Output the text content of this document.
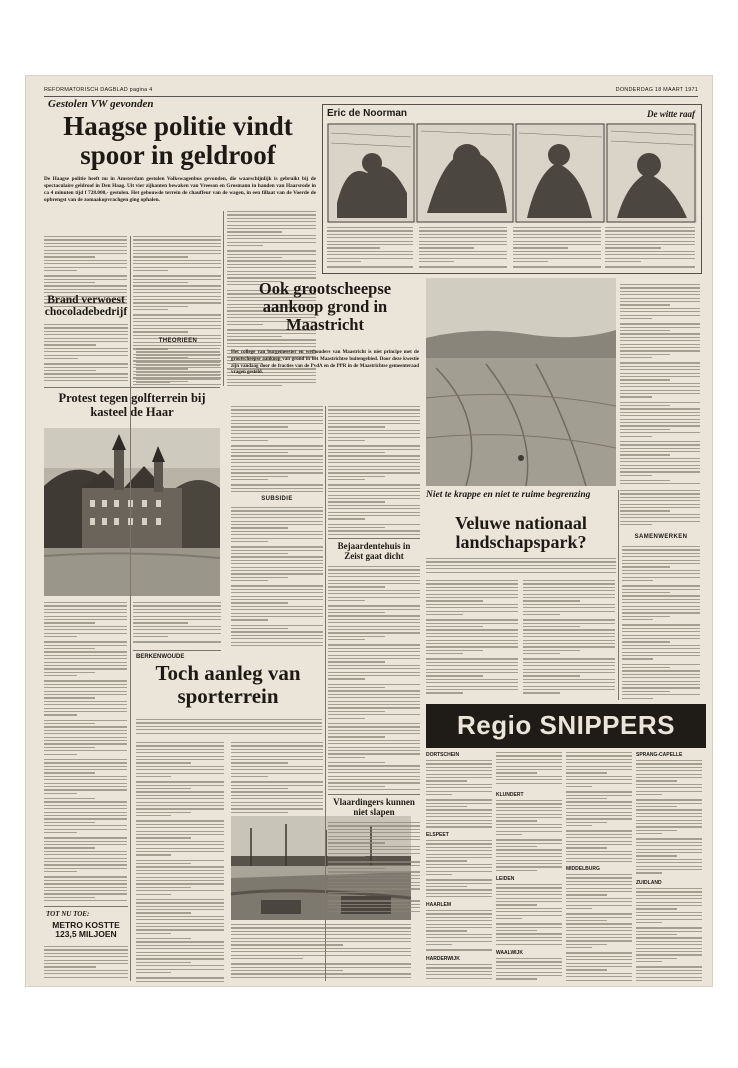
REFORMATORISCH DAGBLAD pagina 4	DONDERDAG 18 MAART 1971
Gestolen VW gevonden
Haagse politie vindt spoor in geldroof
De Haagse politie heeft nu in Amsterdam gestolen Volkswagenbus gevonden, die waarschijnlijk is gebruikt bij de spectaculaire geldroof in Den Haag. Uit vier zijkanten bewaken van Vreeson en Grosmann in handen van Haarsrode in ca 4 minuten tijd f 728.000,- gestolen. Het gebouwde terrein de chauffeur van de wagen, in een fillaat van de Voerde de opbrengst van de zomaakopvrachgen ging ophalen.
Brand verwoest chocoladebedrijf
THEORIEEN
Protest tegen golfterrein bij kasteel de Haar
TOT NU TOE:
METRO KOSTTE 123,5 MILJOEN
BERKENWOUDE
Toch aanleg van sporterrein
Eric de Noorman	De witte raaf
Ook grootscheepse aankoop grond in Maastricht
Het college van burgemeester en wethouders van Maastricht is niet principe met de grootscheepse aankoop van grond in het Maastrichtse buitengebied. Door deze kwestie zijn vandaag door de fracties van de PvdA en de PPR in de Maastrichtse gemeenteraad vragen gesteld.
SUBSIDIE
Bejaardentehuis in Zeist gaat dicht
Vlaardingers kunnen niet slapen
Niet te krappe en niet te ruime begrenzing
Veluwe nationaal landschapspark?	SAMENWERKEN
Regio SNIPPERS
DORTSCHEIN
ELSPEET
HAARLEM
HARDERWIJK
KLUNDERT
LEIDEN
WAALWIJK
MIDDELBURG
SPRANG-CAPELLE
ZUIDLAND
